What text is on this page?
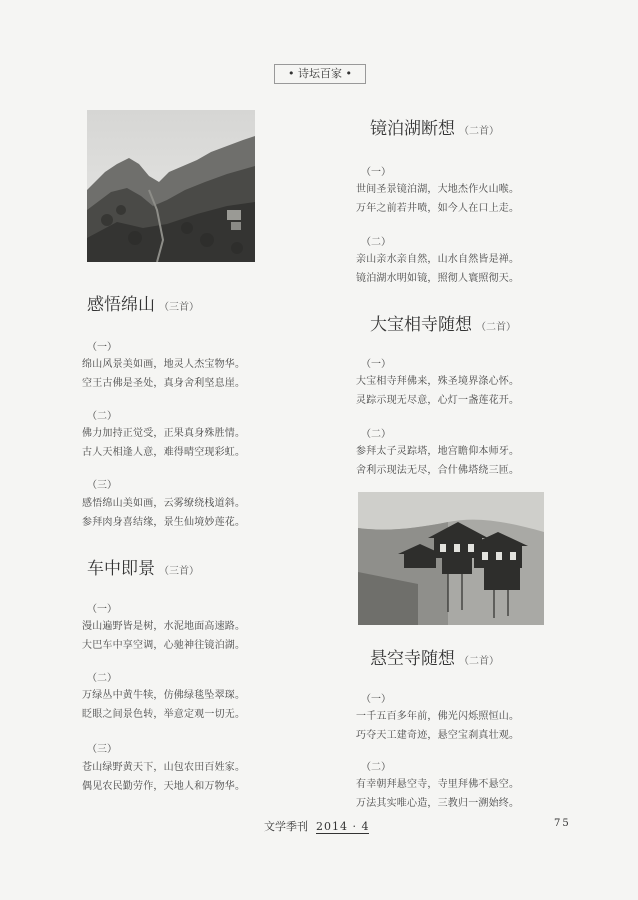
• 诗坛百家 •
感悟绵山 （三首）
（一）
绵山风景美如画，地灵人杰宝物华。
空王古佛是圣处，真身舍利坚息崖。
（二）
佛力加持正觉受，正果真身殊胜情。
古人天相逢人意，难得晴空现彩虹。
（三）
感悟绵山美如画，云雾缭绕栈道斜。
参拜肉身喜结缘，景生仙境妙莲花。
车中即景 （三首）
（一）
漫山遍野皆是树，水泥地面高速路。
大巴车中享空调，心驰神往镜泊湖。
（二）
万绿丛中黄牛犊，仿佛绿毯坠翠琛。
眨眼之间景色转，举意定观一切无。
（三）
苍山绿野黄天下，山包农田百姓家。
偶见农民勤劳作，天地人和万物华。
镜泊湖断想 （二首）
（一）
世间圣景镜泊湖，大地杰作火山喉。
万年之前若井喷，如今人在口上走。
（二）
亲山亲水亲自然，山水自然皆是禅。
镜泊湖水明如镜，照彻人寰照彻天。
大宝相寺随想 （二首）
（一）
大宝相寺拜佛来，殊圣境界涤心怀。
灵踪示现无尽意，心灯一盏莲花开。
（二）
参拜太子灵踪塔，地宫瞻仰本师牙。
舍利示现法无尽，合什佛塔绕三匝。
悬空寺随想 （二首）
（一）
一千五百多年前，佛光闪烁照恒山。
巧夺天工建奇迹，悬空宝刹真壮观。
（二）
有幸朝拜悬空寺，寺里拜佛不悬空。
万法其实唯心造，三教归一溯始终。
文学季刊 2014 · 4	75
